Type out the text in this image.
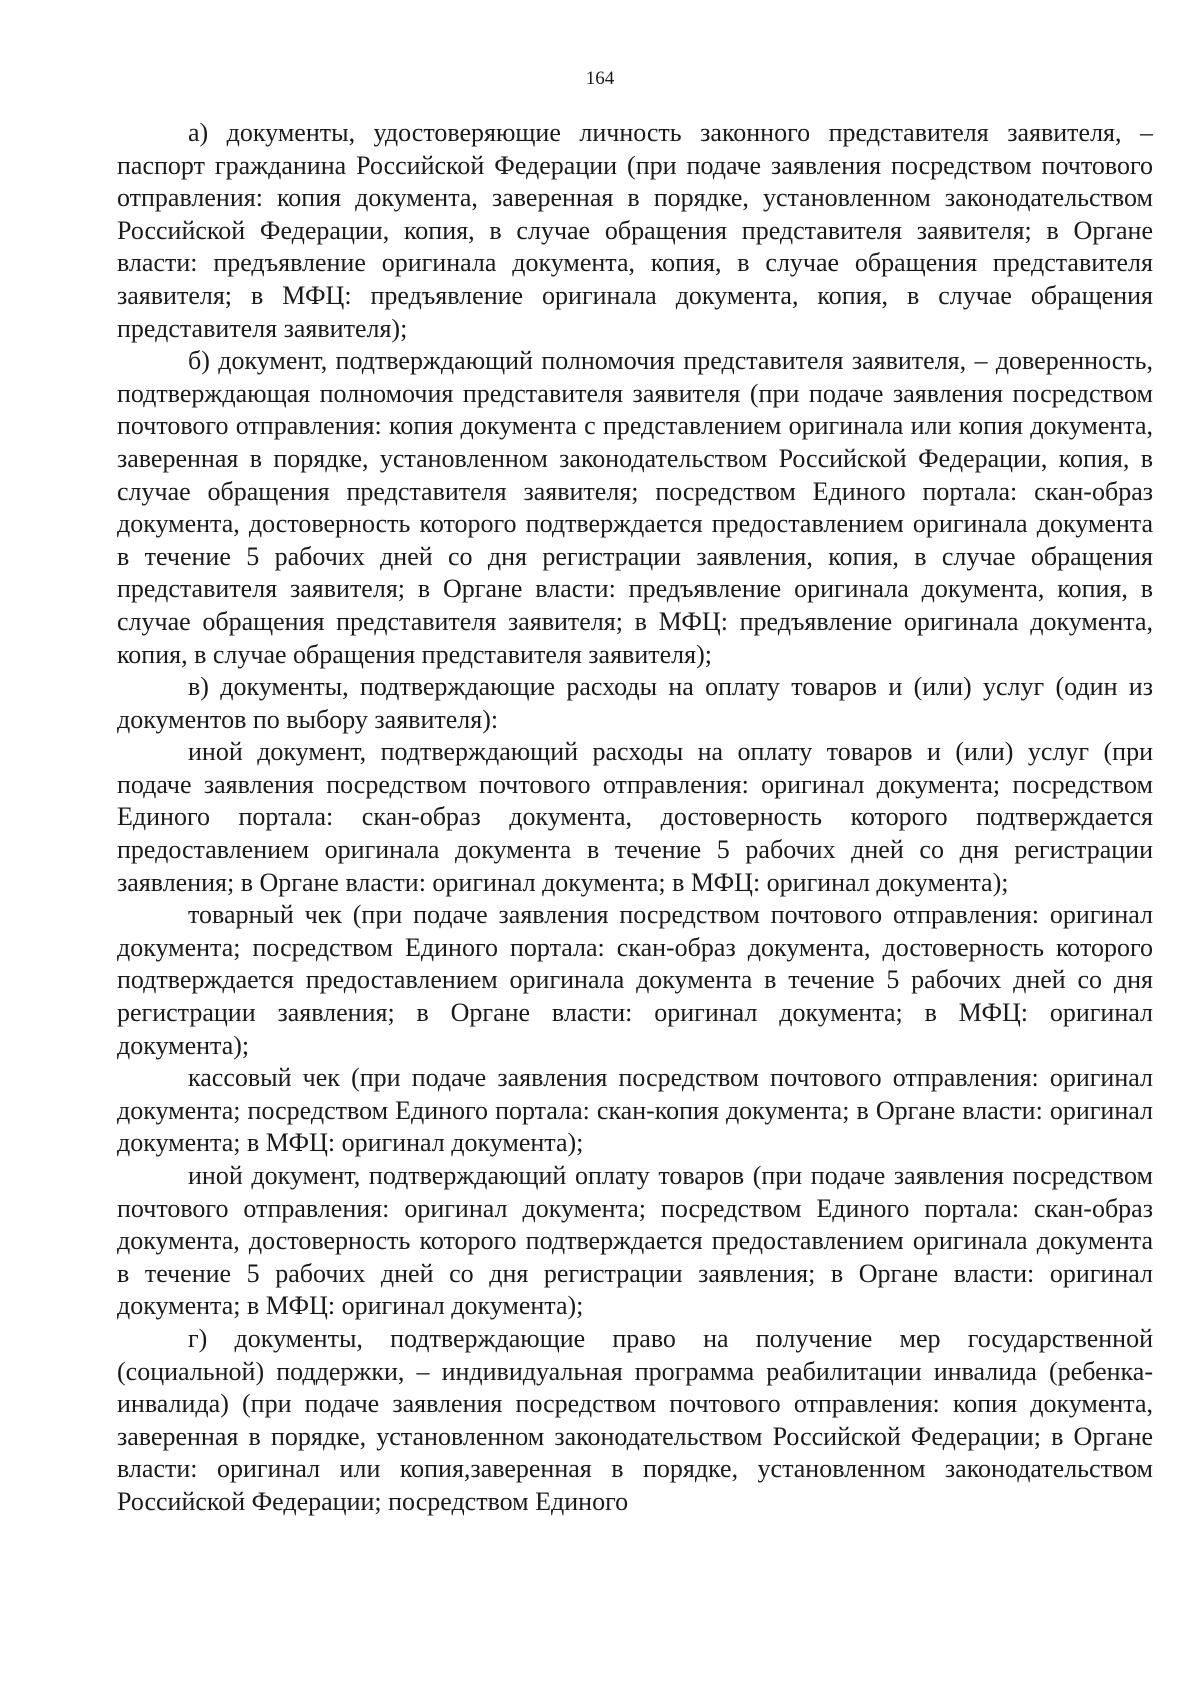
164

а) документы, удостоверяющие личность законного представителя заявителя, – паспорт гражданина Российской Федерации (при подаче заявления посредством почтового отправления: копия документа, заверенная в порядке, установленном законодательством Российской Федерации, копия, в случае обращения представителя заявителя; в Органе власти: предъявление оригинала документа, копия, в случае обращения представителя заявителя; в МФЦ: предъявление оригинала документа, копия, в случае обращения представителя заявителя);

б) документ, подтверждающий полномочия представителя заявителя, – доверенность, подтверждающая полномочия представителя заявителя (при подаче заявления посредством почтового отправления: копия документа с представлением оригинала или копия документа, заверенная в порядке, установленном законодательством Российской Федерации, копия, в случае обращения представителя заявителя; посредством Единого портала: скан-образ документа, достоверность которого подтверждается предоставлением оригинала документа в течение 5 рабочих дней со дня регистрации заявления, копия, в случае обращения представителя заявителя; в Органе власти: предъявление оригинала документа, копия, в случае обращения представителя заявителя; в МФЦ: предъявление оригинала документа, копия, в случае обращения представителя заявителя);

в) документы, подтверждающие расходы на оплату товаров и (или) услуг (один из документов по выбору заявителя):

иной документ, подтверждающий расходы на оплату товаров и (или) услуг (при подаче заявления посредством почтового отправления: оригинал документа; посредством Единого портала: скан-образ документа, достоверность которого подтверждается предоставлением оригинала документа в течение 5 рабочих дней со дня регистрации заявления; в Органе власти: оригинал документа; в МФЦ: оригинал документа);

товарный чек (при подаче заявления посредством почтового отправления: оригинал документа; посредством Единого портала: скан-образ документа, достоверность которого подтверждается предоставлением оригинала документа в течение 5 рабочих дней со дня регистрации заявления; в Органе власти: оригинал документа; в МФЦ: оригинал документа);

кассовый чек (при подаче заявления посредством почтового отправления: оригинал документа; посредством Единого портала: скан-копия документа; в Органе власти: оригинал документа; в МФЦ: оригинал документа);

иной документ, подтверждающий оплату товаров (при подаче заявления посредством почтового отправления: оригинал документа; посредством Единого портала: скан-образ документа, достоверность которого подтверждается предоставлением оригинала документа в течение 5 рабочих дней со дня регистрации заявления; в Органе власти: оригинал документа; в МФЦ: оригинал документа);

г) документы, подтверждающие право на получение мер государственной (социальной) поддержки, – индивидуальная программа реабилитации инвалида (ребенка-инвалида) (при подаче заявления посредством почтового отправления: копия документа, заверенная в порядке, установленном законодательством Российской Федерации; в Органе власти: оригинал или копия,заверенная в порядке, установленном законодательством Российской Федерации; посредством Единого
